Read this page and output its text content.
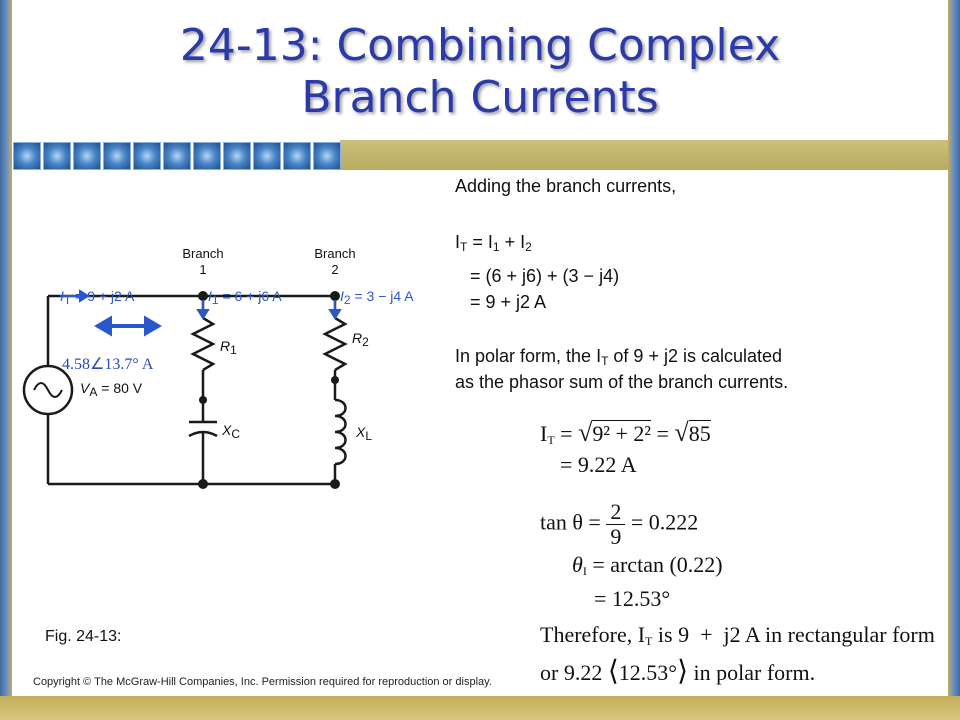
24-13: Combining Complex
Branch Currents
Branch
1
Branch
2
$I_T = 9 + j2$ A	$I_1 = 6 + j6$ A	$I_2 = 3 - j4$ A
$R_1$
$R_2$
$X_C$	$X_L$
$V_A = 80$ V
4.58∠13.7° A
Adding the branch currents,
$I_T = I_1 + I_2$
= (6 + j6) + (3 − j4)
= 9 + j2 A
In polar form, the $I_T$ of 9 + j2 is calculated
as the phasor sum of the branch currents.
$I_T = √9^2 + 2^2 = √85$
= 9.22 A
$\tan \theta = \frac{2}{9} = 0.222$
$\theta_I = \arctan (0.22)$
= 12.53°
Therefore, $I_T$ is 9  +  j2 A in rectangular form
or 9.22 ⟨12.53°⟩ in polar form.
Fig. 24-13:
Copyright © The McGraw-Hill Companies, Inc. Permission required for reproduction or display.
